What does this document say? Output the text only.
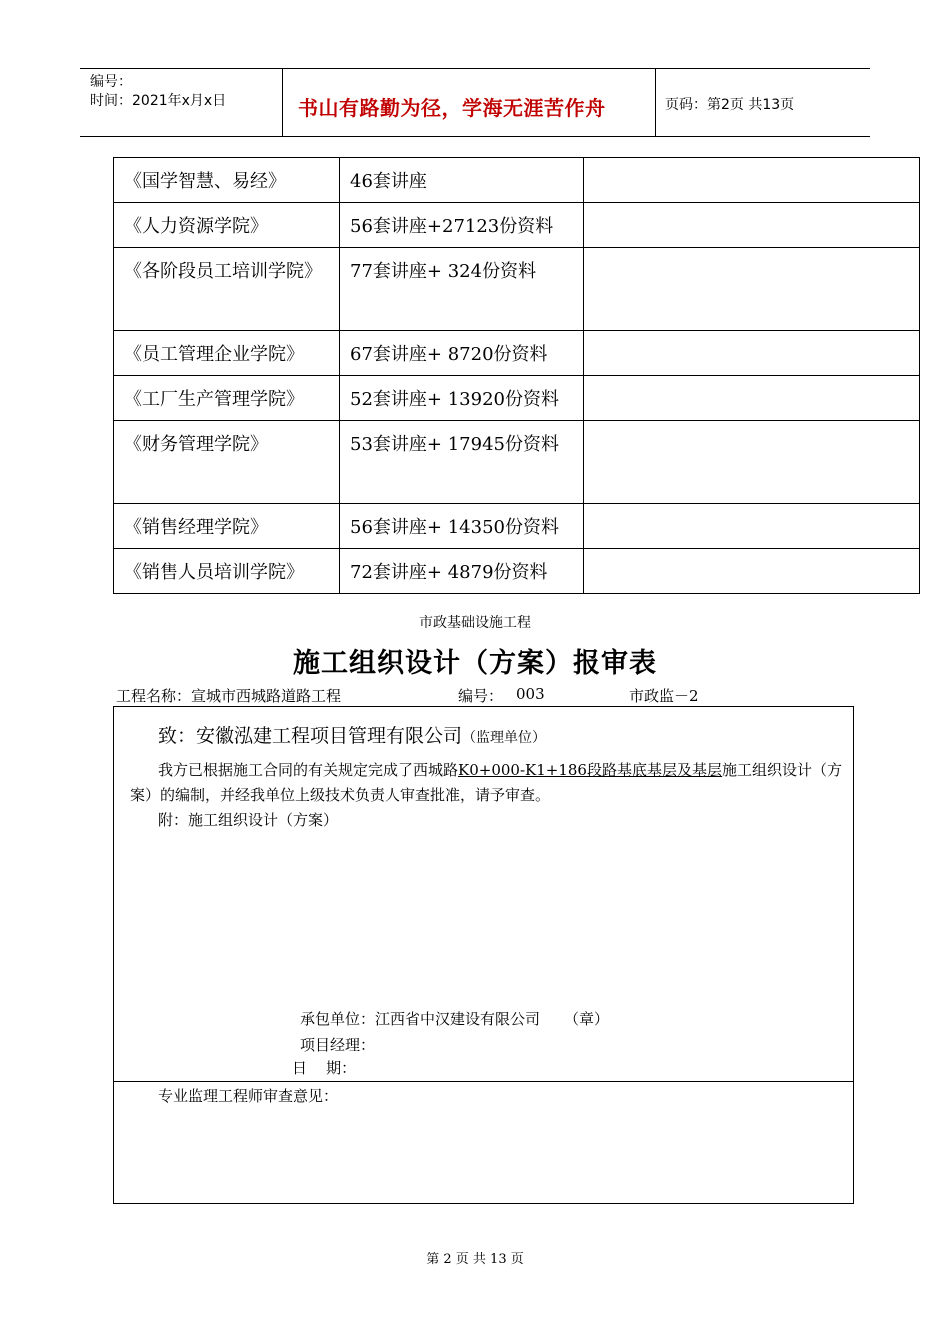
编号：
时间：2021年x月x日	书山有路勤为径，学海无涯苦作舟	页码：第2页 共13页
《国学智慧、易经》	46套讲座	
《人力资源学院》	56套讲座+27123份资料	
《各阶段员工培训学院》	77套讲座+ 324份资料	
《员工管理企业学院》	67套讲座+ 8720份资料	
《工厂生产管理学院》	52套讲座+ 13920份资料	
《财务管理学院》	53套讲座+ 17945份资料	
《销售经理学院》	56套讲座+ 14350份资料	
《销售人员培训学院》	72套讲座+ 4879份资料	
市政基础设施工程
施工组织设计（方案）报审表
工程名称：宣城市西城路道路工程	编号： 003	市政监－2
致：安徽泓建工程项目管理有限公司（监理单位）
我方已根据施工合同的有关规定完成了西城路K0+000-K1+186段路基底基层及基层施工组织设计（方案）的编制，并经我单位上级技术负责人审查批准，请予审查。
附：施工组织设计（方案）
承包单位：江西省中汉建设有限公司 （章）
项目经理：
日    期：
专业监理工程师审查意见：
第 2 页 共 13 页
